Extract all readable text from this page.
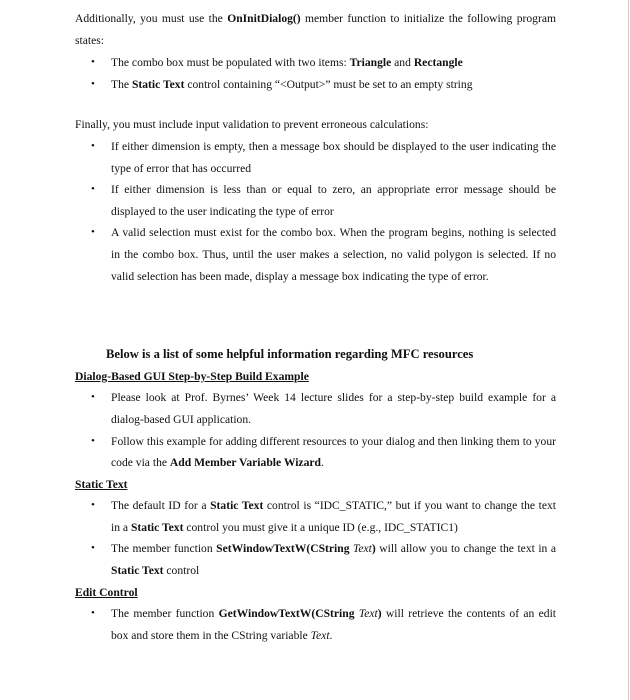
Additionally, you must use the OnInitDialog() member function to initialize the following program states:

• The combo box must be populated with two items: Triangle and Rectangle
• The Static Text control containing “<Output>” must be set to an empty string

Finally, you must include input validation to prevent erroneous calculations:

• If either dimension is empty, then a message box should be displayed to the user indicating the type of error that has occurred
• If either dimension is less than or equal to zero, an appropriate error message should be displayed to the user indicating the type of error
• A valid selection must exist for the combo box. When the program begins, nothing is selected in the combo box. Thus, until the user makes a selection, no valid polygon is selected. If no valid selection has been made, display a message box indicating the type of error.

Below is a list of some helpful information regarding MFC resources

Dialog-Based GUI Step-by-Step Build Example

• Please look at Prof. Byrnes’ Week 14 lecture slides for a step-by-step build example for a dialog-based GUI application.
• Follow this example for adding different resources to your dialog and then linking them to your code via the Add Member Variable Wizard.

Static Text

• The default ID for a Static Text control is “IDC_STATIC,” but if you want to change the text in a Static Text control you must give it a unique ID (e.g., IDC_STATIC1)
• The member function SetWindowTextW(CString Text) will allow you to change the text in a Static Text control

Edit Control

• The member function GetWindowTextW(CString Text) will retrieve the contents of an edit box and store them in the CString variable Text.
